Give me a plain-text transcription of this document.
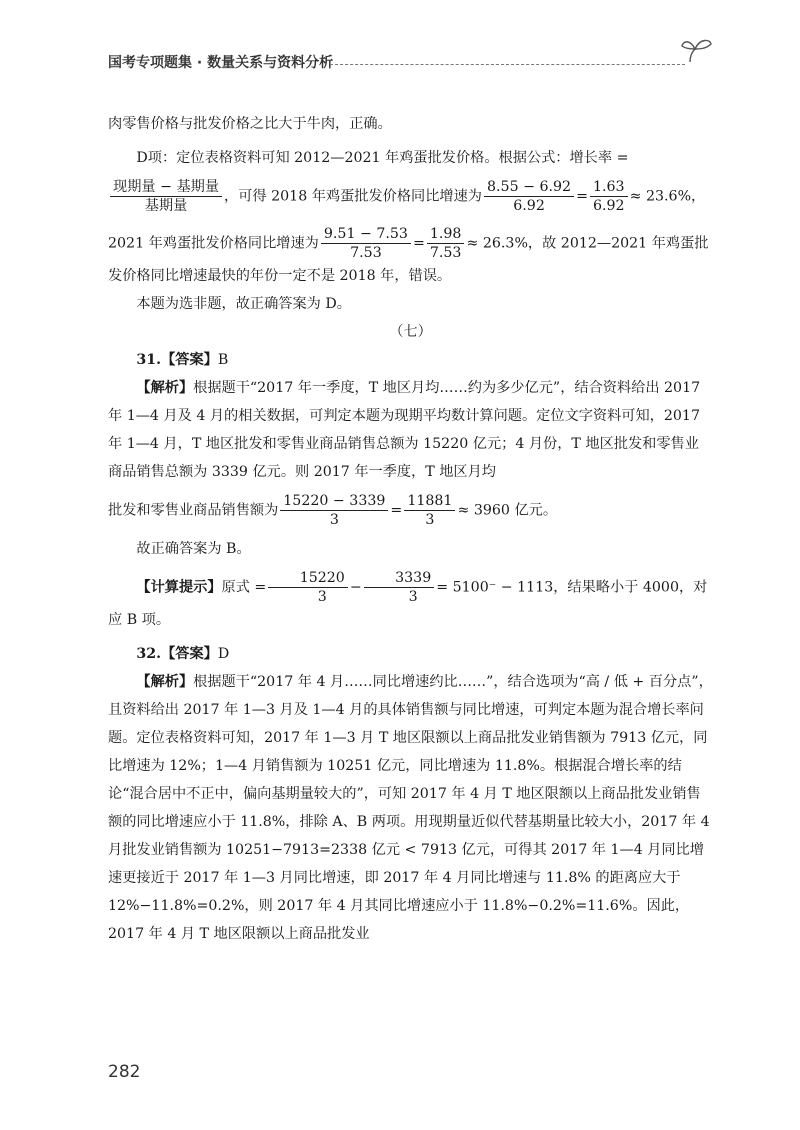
国考专项题集 · 数量关系与资料分析

肉零售价格与批发价格之比大于牛肉，正确。

D项：定位表格资料可知 2012—2021 年鸡蛋批发价格。根据公式：增长率 =

$\frac{\text{现期量 − 基期量}}{\text{基期量}}$ ，可得 2018 年鸡蛋批发价格同比增速为 $\frac{8.55 - 6.92}{6.92} = \frac{1.63}{6.92} \approx 23.6\%$，

2021 年鸡蛋批发价格同比增速为 $\frac{9.51 - 7.53}{7.53} = \frac{1.98}{7.53} \approx 26.3\%$，故 2012—2021 年鸡蛋批

发价格同比增速最快的年份一定不是 2018 年，错误。

本题为选非题，故正确答案为 D。

（七）

31.【答案】B

【解析】根据题干“2017 年一季度，T 地区月均……约为多少亿元”，结合资料给出 2017 年 1—4 月及 4 月的相关数据，可判定本题为现期平均数计算问题。定位文字资料可知，2017 年 1—4 月，T 地区批发和零售业商品销售总额为 15220 亿元；4 月份，T 地区批发和零售业商品销售总额为 3339 亿元。则 2017 年一季度，T 地区月均

批发和零售业商品销售额为 $\frac{15220 - 3339}{3} = \frac{11881}{3} \approx 3960$ 亿元。

故正确答案为 B。

【计算提示】原式 = $\frac{15220}{3} - \frac{3339}{3} = 5100^- - 1113$，结果略小于 4000，对应 B 项。

32.【答案】D

【解析】根据题干“2017 年 4 月……同比增速约比……”，结合选项为“高 / 低 + 百分点”，且资料给出 2017 年 1—3 月及 1—4 月的具体销售额与同比增速，可判定本题为混合增长率问题。定位表格资料可知，2017 年 1—3 月 T 地区限额以上商品批发业销售额为 7913 亿元，同比增速为 12%；1—4 月销售额为 10251 亿元，同比增速为 11.8%。根据混合增长率的结论“混合居中不正中，偏向基期量较大的”，可知 2017 年 4 月 T 地区限额以上商品批发业销售额的同比增速应小于 11.8%，排除 A、B 两项。用现期量近似代替基期量比较大小，2017 年 4 月批发业销售额为 10251−7913=2338 亿元 < 7913 亿元，可得其 2017 年 1—4 月同比增速更接近于 2017 年 1—3 月同比增速，即 2017 年 4 月同比增速与 11.8% 的距离应大于 12%−11.8%=0.2%，则 2017 年 4 月其同比增速应小于 11.8%−0.2%=11.6%。因此，2017 年 4 月 T 地区限额以上商品批发业

282
